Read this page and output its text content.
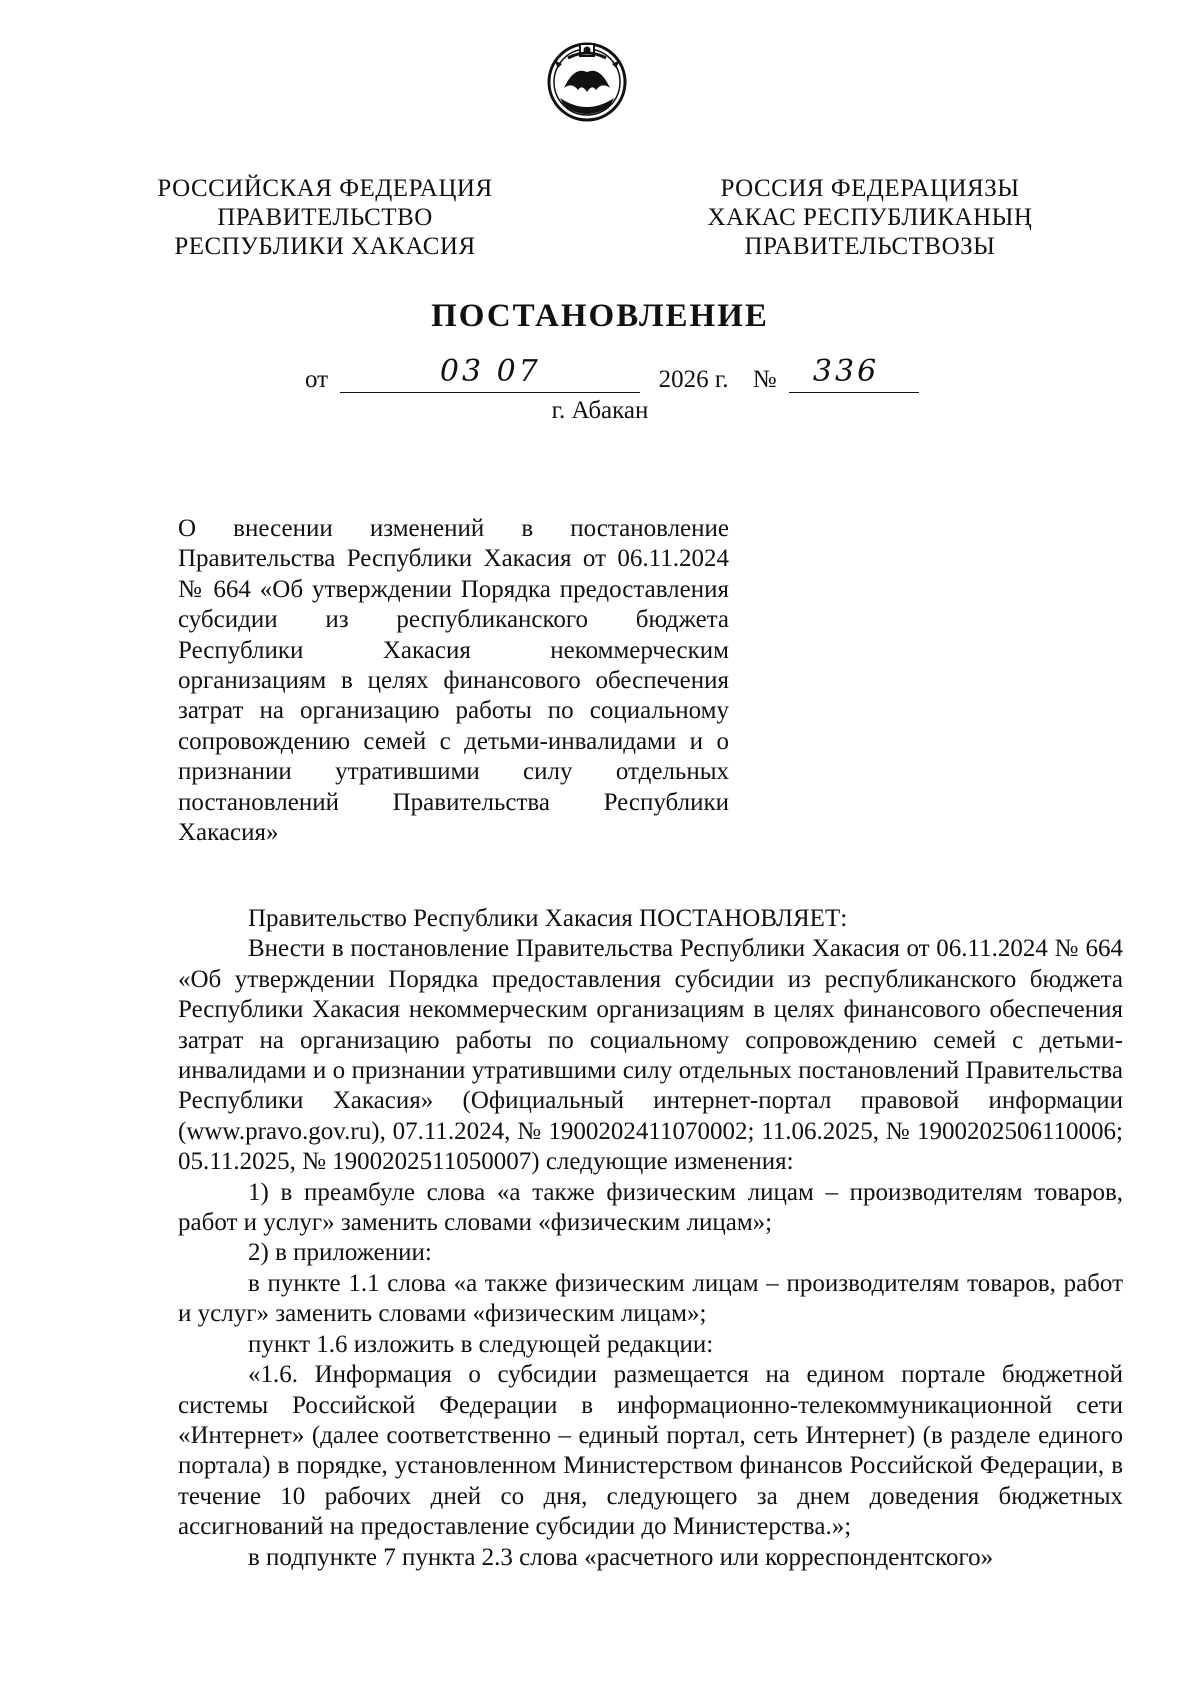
РОССИЙСКАЯ ФЕДЕРАЦИЯ
ПРАВИТЕЛЬСТВО
РЕСПУБЛИКИ ХАКАСИЯ
РОССИЯ ФЕДЕРАЦИЯЗЫ
ХАКАС РЕСПУБЛИКАНЫҢ
ПРАВИТЕЛЬСТВОЗЫ
ПОСТАНОВЛЕНИЕ
от	03 07	2026 г. № 336
г. Абакан
О внесении изменений в постановление Правительства Республики Хакасия от 06.11.2024 № 664 «Об утверждении Порядка предоставления субсидии из республиканского бюджета Республики Хакасия некоммерческим организациям в целях финансового обеспечения затрат на организацию работы по социальному сопровождению семей с детьми-инвалидами и о признании утратившими силу отдельных постановлений Правительства Республики Хакасия»

Правительство Республики Хакасия ПОСТАНОВЛЯЕТ:

Внести в постановление Правительства Республики Хакасия от 06.11.2024 № 664 «Об утверждении Порядка предоставления субсидии из республиканского бюджета Республики Хакасия некоммерческим организациям в целях финансового обеспечения затрат на организацию работы по социальному сопровождению семей с детьми-инвалидами и о признании утратившими силу отдельных постановлений Правительства Республики Хакасия» (Официальный интернет-портал правовой информации (www.pravo.gov.ru), 07.11.2024, № 1900202411070002; 11.06.2025, № 1900202506110006; 05.11.2025, № 1900202511050007) следующие изменения:

1) в преамбуле слова «а также физическим лицам – производителям товаров, работ и услуг» заменить словами «физическим лицам»;

2) в приложении:

в пункте 1.1 слова «а также физическим лицам – производителям товаров, работ и услуг» заменить словами «физическим лицам»;

пункт 1.6 изложить в следующей редакции:

«1.6. Информация о субсидии размещается на едином портале бюджетной системы Российской Федерации в информационно-телекоммуникационной сети «Интернет» (далее соответственно – единый портал, сеть Интернет) (в разделе единого портала) в порядке, установленном Министерством финансов Российской Федерации, в течение 10 рабочих дней со дня, следующего за днем доведения бюджетных ассигнований на предоставление субсидии до Министерства.»;

в подпункте 7 пункта 2.3 слова «расчетного или корреспондентского»
